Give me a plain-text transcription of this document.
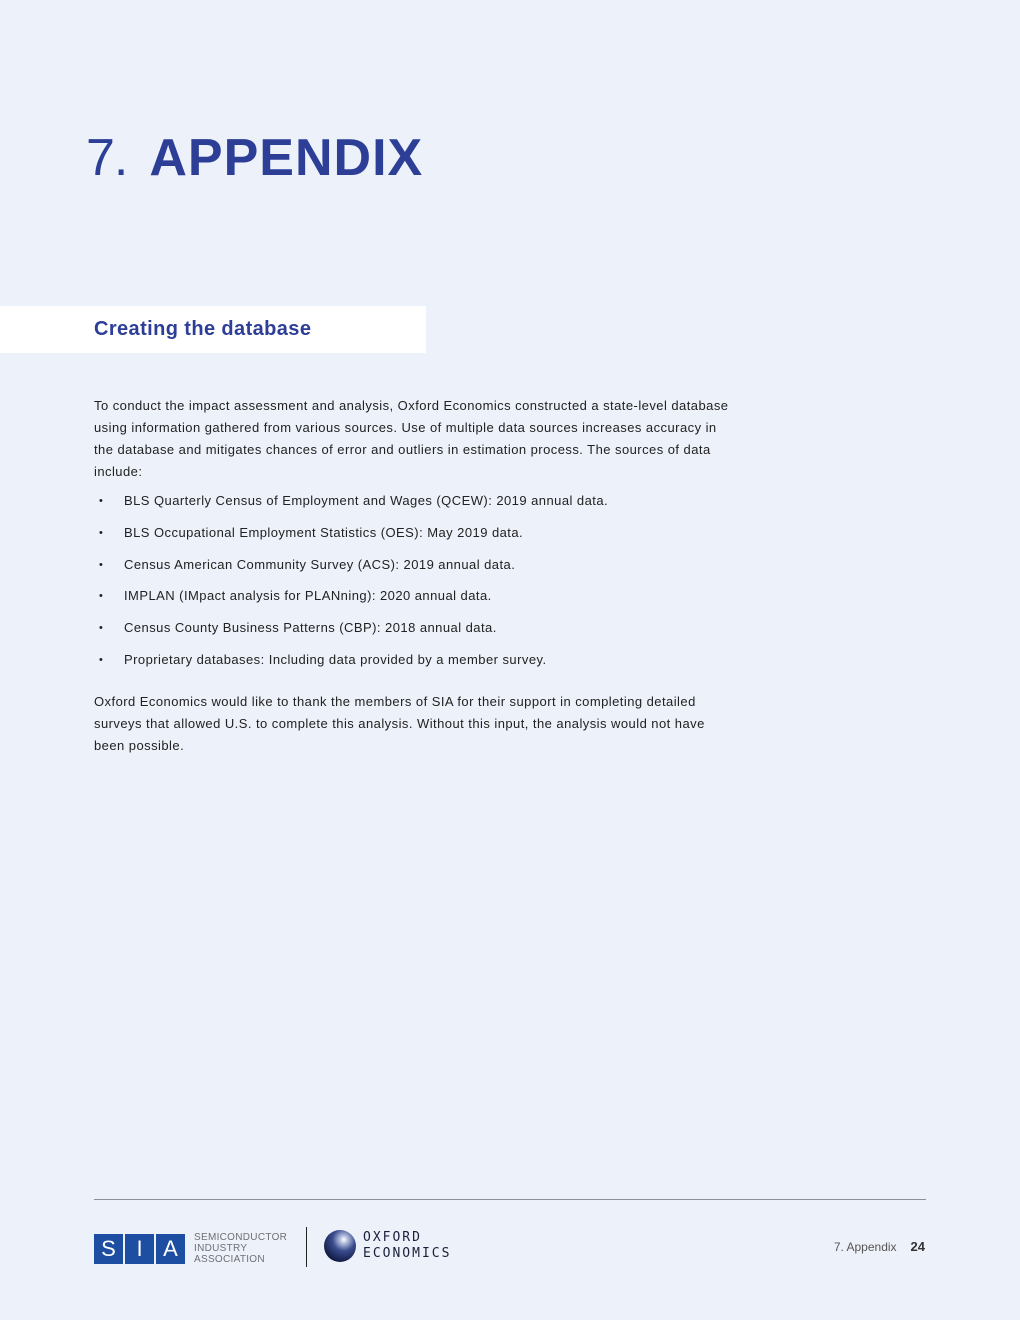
7. APPENDIX
Creating the database

To conduct the impact assessment and analysis, Oxford Economics constructed a state-level database using information gathered from various sources. Use of multiple data sources increases accuracy in the database and mitigates chances of error and outliers in estimation process. The sources of data include:

• BLS Quarterly Census of Employment and Wages (QCEW): 2019 annual data.
• BLS Occupational Employment Statistics (OES): May 2019 data.
• Census American Community Survey (ACS): 2019 annual data.
• IMPLAN (IMpact analysis for PLANning): 2020 annual data.
• Census County Business Patterns (CBP): 2018 annual data.
• Proprietary databases: Including data provided by a member survey.

Oxford Economics would like to thank the members of SIA for their support in completing detailed surveys that allowed U.S. to complete this analysis. Without this input, the analysis would not have been possible.

S I A	SEMICONDUCTOR
INDUSTRY
ASSOCIATION
OXFORD
ECONOMICS	7. Appendix 24
